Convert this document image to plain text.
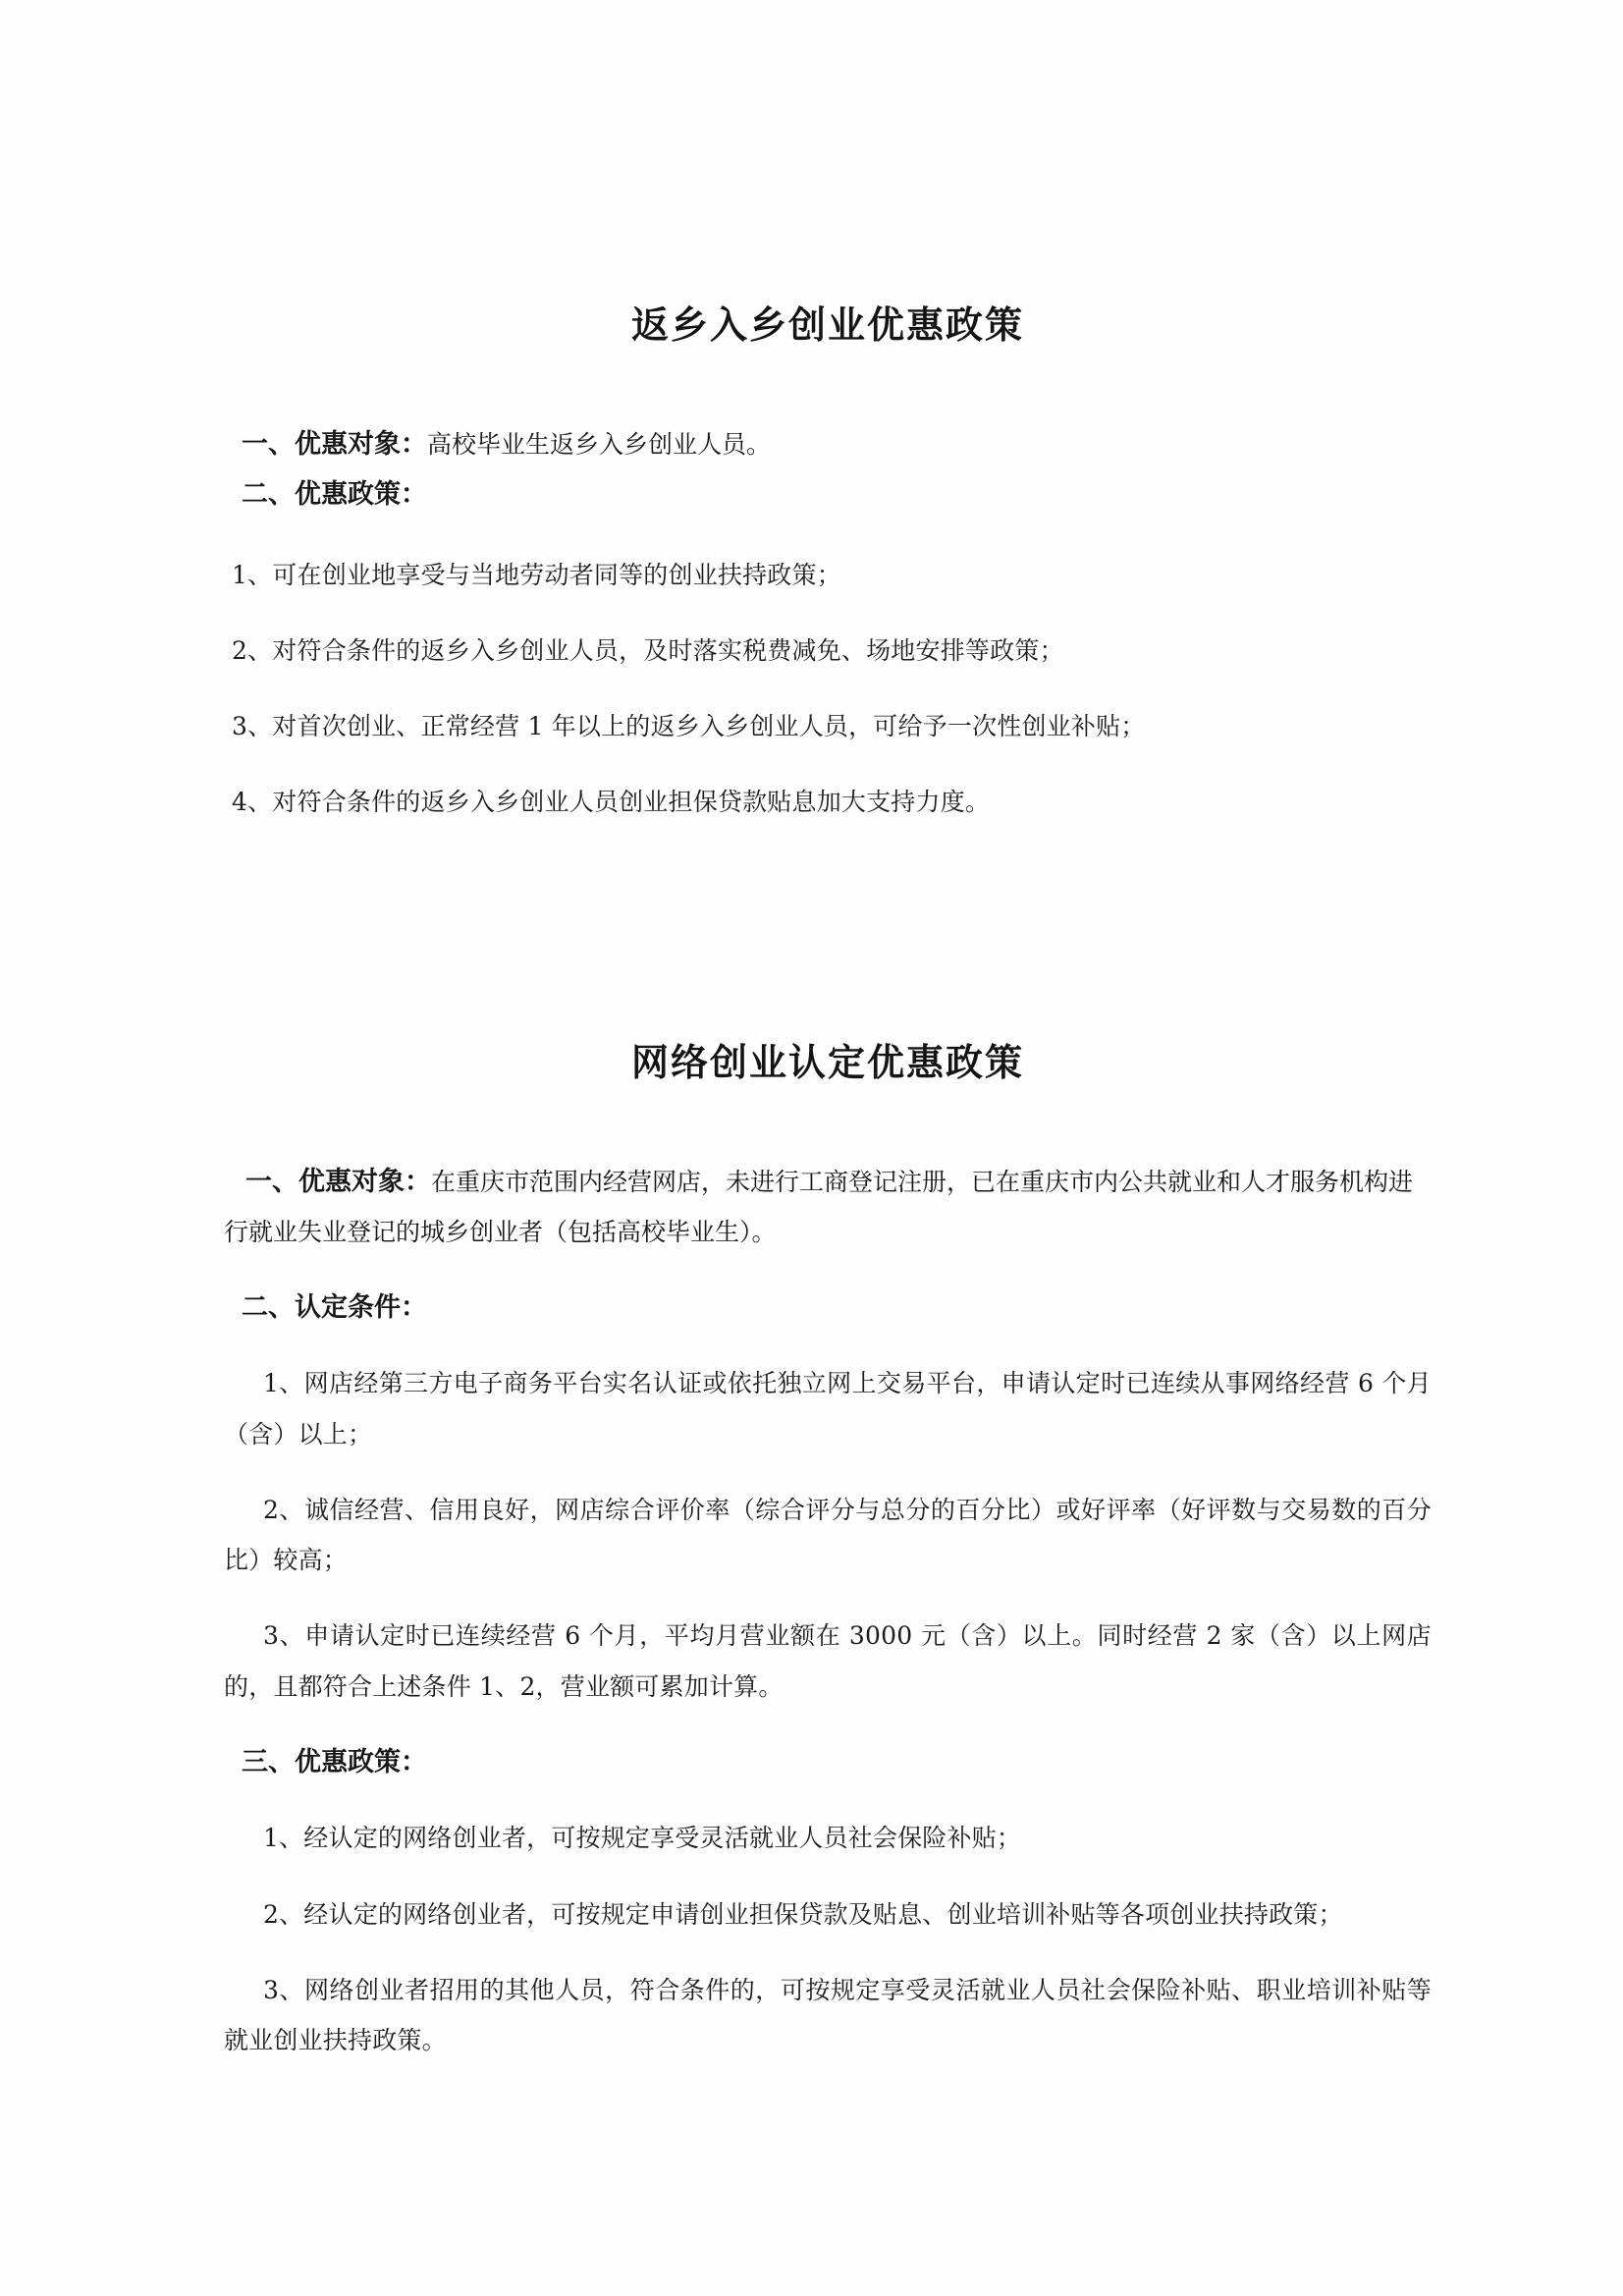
返乡入乡创业优惠政策

一、优惠对象：高校毕业生返乡入乡创业人员。

二、优惠政策：

1、可在创业地享受与当地劳动者同等的创业扶持政策；

2、对符合条件的返乡入乡创业人员，及时落实税费减免、场地安排等政策；

3、对首次创业、正常经营 1 年以上的返乡入乡创业人员，可给予一次性创业补贴；

4、对符合条件的返乡入乡创业人员创业担保贷款贴息加大支持力度。

网络创业认定优惠政策

一、优惠对象：在重庆市范围内经营网店，未进行工商登记注册，已在重庆市内公共就业和人才服务机构进行就业失业登记的城乡创业者（包括高校毕业生）。

二、认定条件：

1、网店经第三方电子商务平台实名认证或依托独立网上交易平台，申请认定时已连续从事网络经营 6 个月（含）以上；

2、诚信经营、信用良好，网店综合评价率（综合评分与总分的百分比）或好评率（好评数与交易数的百分比）较高；

3、申请认定时已连续经营 6 个月，平均月营业额在 3000 元（含）以上。同时经营 2 家（含）以上网店的，且都符合上述条件 1、2，营业额可累加计算。

三、优惠政策：

1、经认定的网络创业者，可按规定享受灵活就业人员社会保险补贴；

2、经认定的网络创业者，可按规定申请创业担保贷款及贴息、创业培训补贴等各项创业扶持政策；

3、网络创业者招用的其他人员，符合条件的，可按规定享受灵活就业人员社会保险补贴、职业培训补贴等就业创业扶持政策。
